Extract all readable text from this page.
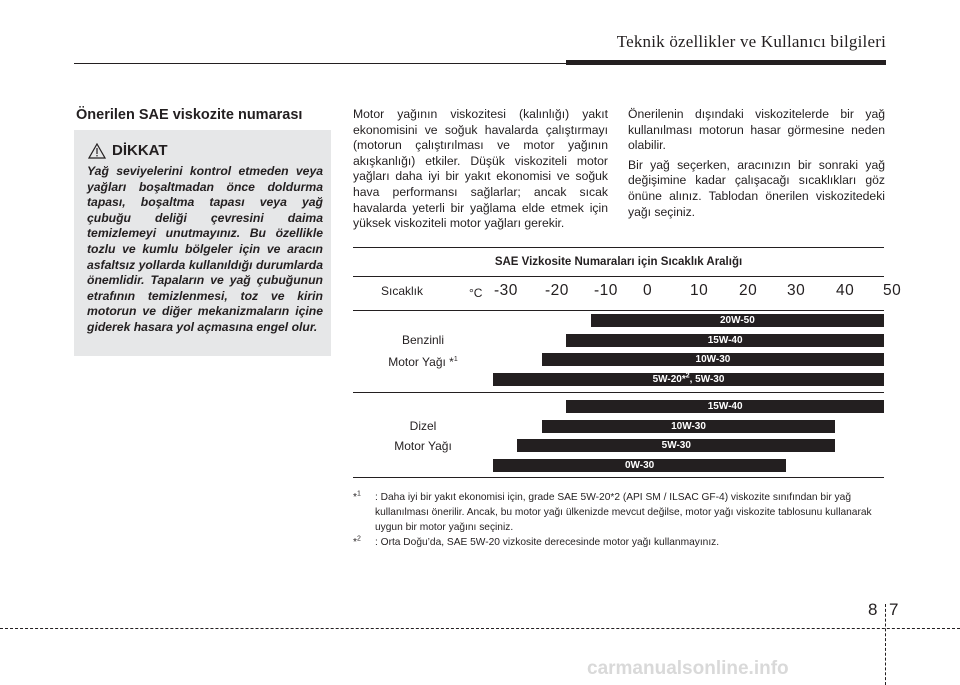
Teknik özellikler ve Kullanıcı bilgileri
Önerilen SAE viskozite numarası
DİKKAT
Yağ seviyelerini kontrol etmeden veya yağları boşaltmadan önce doldurma tapası, boşaltma tapası veya yağ çubuğu deliği çevresini daima temizlemeyi unutmayınız. Bu özellikle tozlu ve kumlu bölgeler için ve aracın asfaltsız yollarda kullanıldığı durumlarda önemlidir. Tapaların ve yağ çubuğunun etrafının temizlenmesi, toz ve kirin motorun ve diğer mekanizmaların içine giderek hasara yol açmasına engel olur.

Motor yağının viskozitesi (kalınlığı) yakıt ekonomisini ve soğuk havalarda çalıştırmayı (motorun çalıştırılması ve motor yağının akışkanlığı) etkiler. Düşük viskoziteli motor yağları daha iyi bir yakıt ekonomisi ve soğuk hava performansı sağlarlar; ancak sıcak havalarda yeterli bir yağlama elde etmek için yüksek viskoziteli motor yağları gerekir.

Önerilenin dışındaki viskozitelerde bir yağ kullanılması motorun hasar görmesine neden olabilir.

Bir yağ seçerken, aracınızın bir sonraki yağ değişimine kadar çalışacağı sıcaklıkları göz önüne alınız. Tablodan önerilen viskozitedeki yağı seçiniz.

SAE Vizkosite Numaraları için Sıcaklık Aralığı
Sıcaklık	°C -30 -20 -10 0 10 20 30 40 50
Benzinli
Motor Yağı *$^1$
20W-50
15W-40
10W-30
5W-20*$^2$, 5W-30
Dizel
Motor Yağı
15W-40
10W-30
5W-30
0W-30
*$^1$ : Daha iyi bir yakıt ekonomisi için, grade SAE 5W-20*2 (API SM / ILSAC GF-4) viskozite sınıfından bir yağ kullanılması önerilir. Ancak, bu motor yağı ülkenizde mevcut değilse, motor yağı viskozite tablosunu kullanarak uygun bir motor yağını seçiniz.
*$^2$ : Orta Doğu’da, SAE 5W-20 vizkosite derecesinde motor yağı kullanmayınız.
8 7
carmanualsonline.info
